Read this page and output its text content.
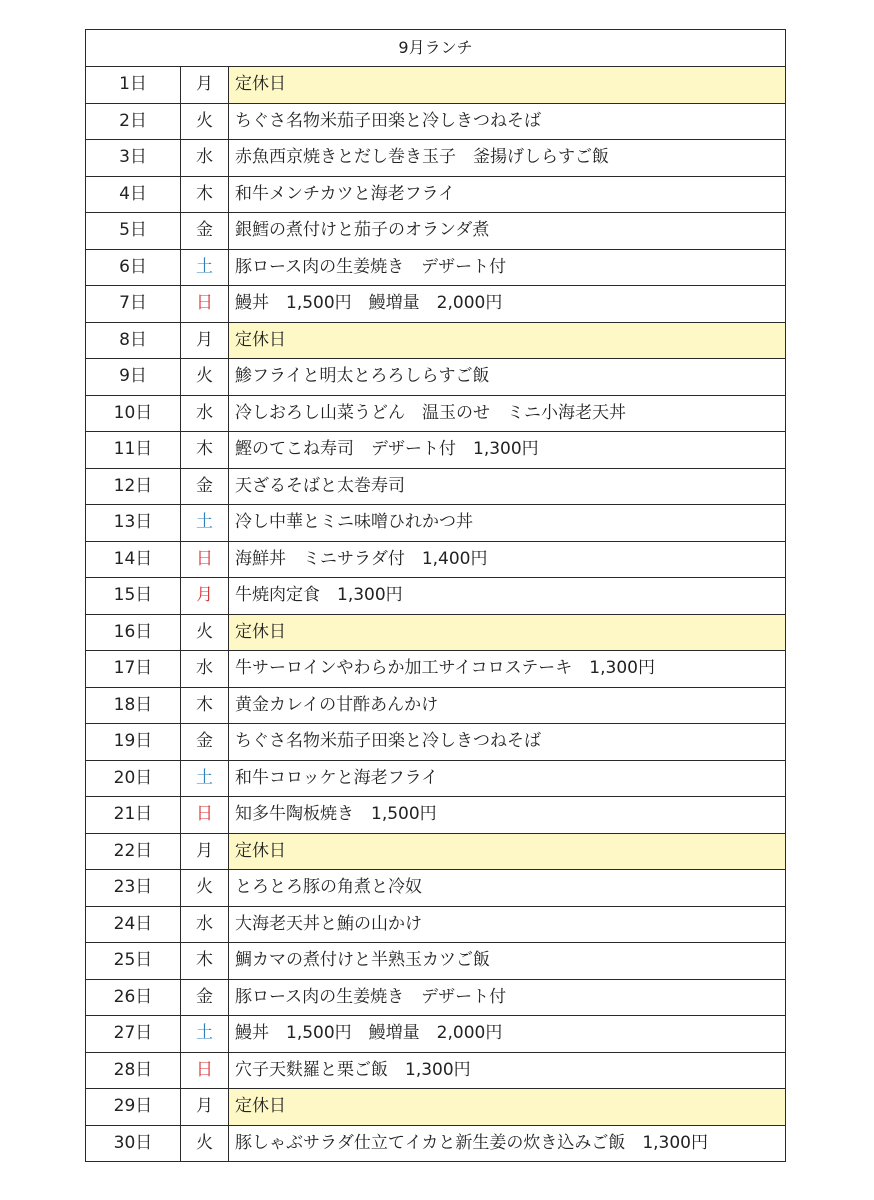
9月ランチ		
1日	月	定休日
2日	火	ちぐさ名物米茄子田楽と冷しきつねそば
3日	水	赤魚西京焼きとだし巻き玉子　釜揚げしらすご飯
4日	木	和牛メンチカツと海老フライ
5日	金	銀鱈の煮付けと茄子のオランダ煮
6日	土	豚ロース肉の生姜焼き　デザート付
7日	日	鰻丼　1,500円　鰻増量　2,000円
8日	月	定休日
9日	火	鯵フライと明太とろろしらすご飯
10日	水	冷しおろし山菜うどん　温玉のせ　ミニ小海老天丼
11日	木	鰹のてこね寿司　デザート付　1,300円
12日	金	天ざるそばと太巻寿司
13日	土	冷し中華とミニ味噌ひれかつ丼
14日	日	海鮮丼　ミニサラダ付　1,400円
15日	月	牛焼肉定食　1,300円
16日	火	定休日
17日	水	牛サーロインやわらか加工サイコロステーキ　1,300円
18日	木	黄金カレイの甘酢あんかけ
19日	金	ちぐさ名物米茄子田楽と冷しきつねそば
20日	土	和牛コロッケと海老フライ
21日	日	知多牛陶板焼き　1,500円
22日	月	定休日
23日	火	とろとろ豚の角煮と冷奴
24日	水	大海老天丼と鮪の山かけ
25日	木	鯛カマの煮付けと半熟玉カツご飯
26日	金	豚ロース肉の生姜焼き　デザート付
27日	土	鰻丼　1,500円　鰻増量　2,000円
28日	日	穴子天麩羅と栗ご飯　1,300円
29日	月	定休日
30日	火	豚しゃぶサラダ仕立てイカと新生姜の炊き込みご飯　1,300円
